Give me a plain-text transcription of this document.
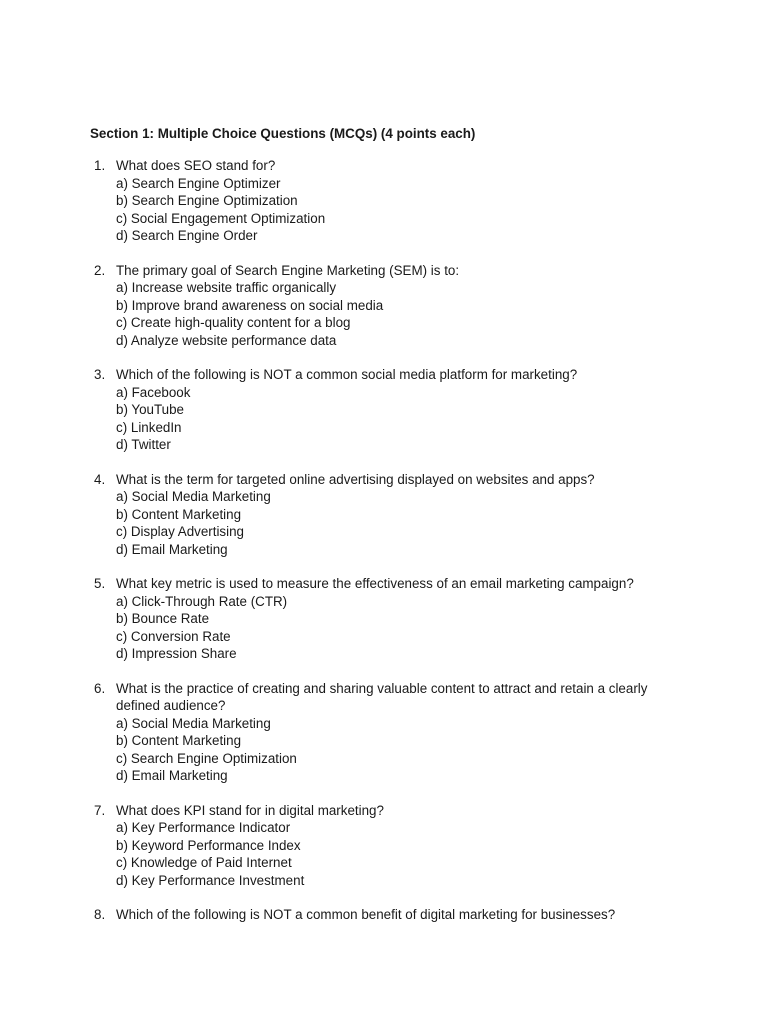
Section 1: Multiple Choice Questions (MCQs) (4 points each)
1. What does SEO stand for?
a) Search Engine Optimizer
b) Search Engine Optimization
c) Social Engagement Optimization
d) Search Engine Order
2. The primary goal of Search Engine Marketing (SEM) is to:
a) Increase website traffic organically
b) Improve brand awareness on social media
c) Create high-quality content for a blog
d) Analyze website performance data
3. Which of the following is NOT a common social media platform for marketing?
a) Facebook
b) YouTube
c) LinkedIn
d) Twitter
4. What is the term for targeted online advertising displayed on websites and apps?
a) Social Media Marketing
b) Content Marketing
c) Display Advertising
d) Email Marketing
5. What key metric is used to measure the effectiveness of an email marketing campaign?
a) Click-Through Rate (CTR)
b) Bounce Rate
c) Conversion Rate
d) Impression Share
6. What is the practice of creating and sharing valuable content to attract and retain a clearly defined audience?
a) Social Media Marketing
b) Content Marketing
c) Search Engine Optimization
d) Email Marketing
7. What does KPI stand for in digital marketing?
a) Key Performance Indicator
b) Keyword Performance Index
c) Knowledge of Paid Internet
d) Key Performance Investment
8. Which of the following is NOT a common benefit of digital marketing for businesses?
